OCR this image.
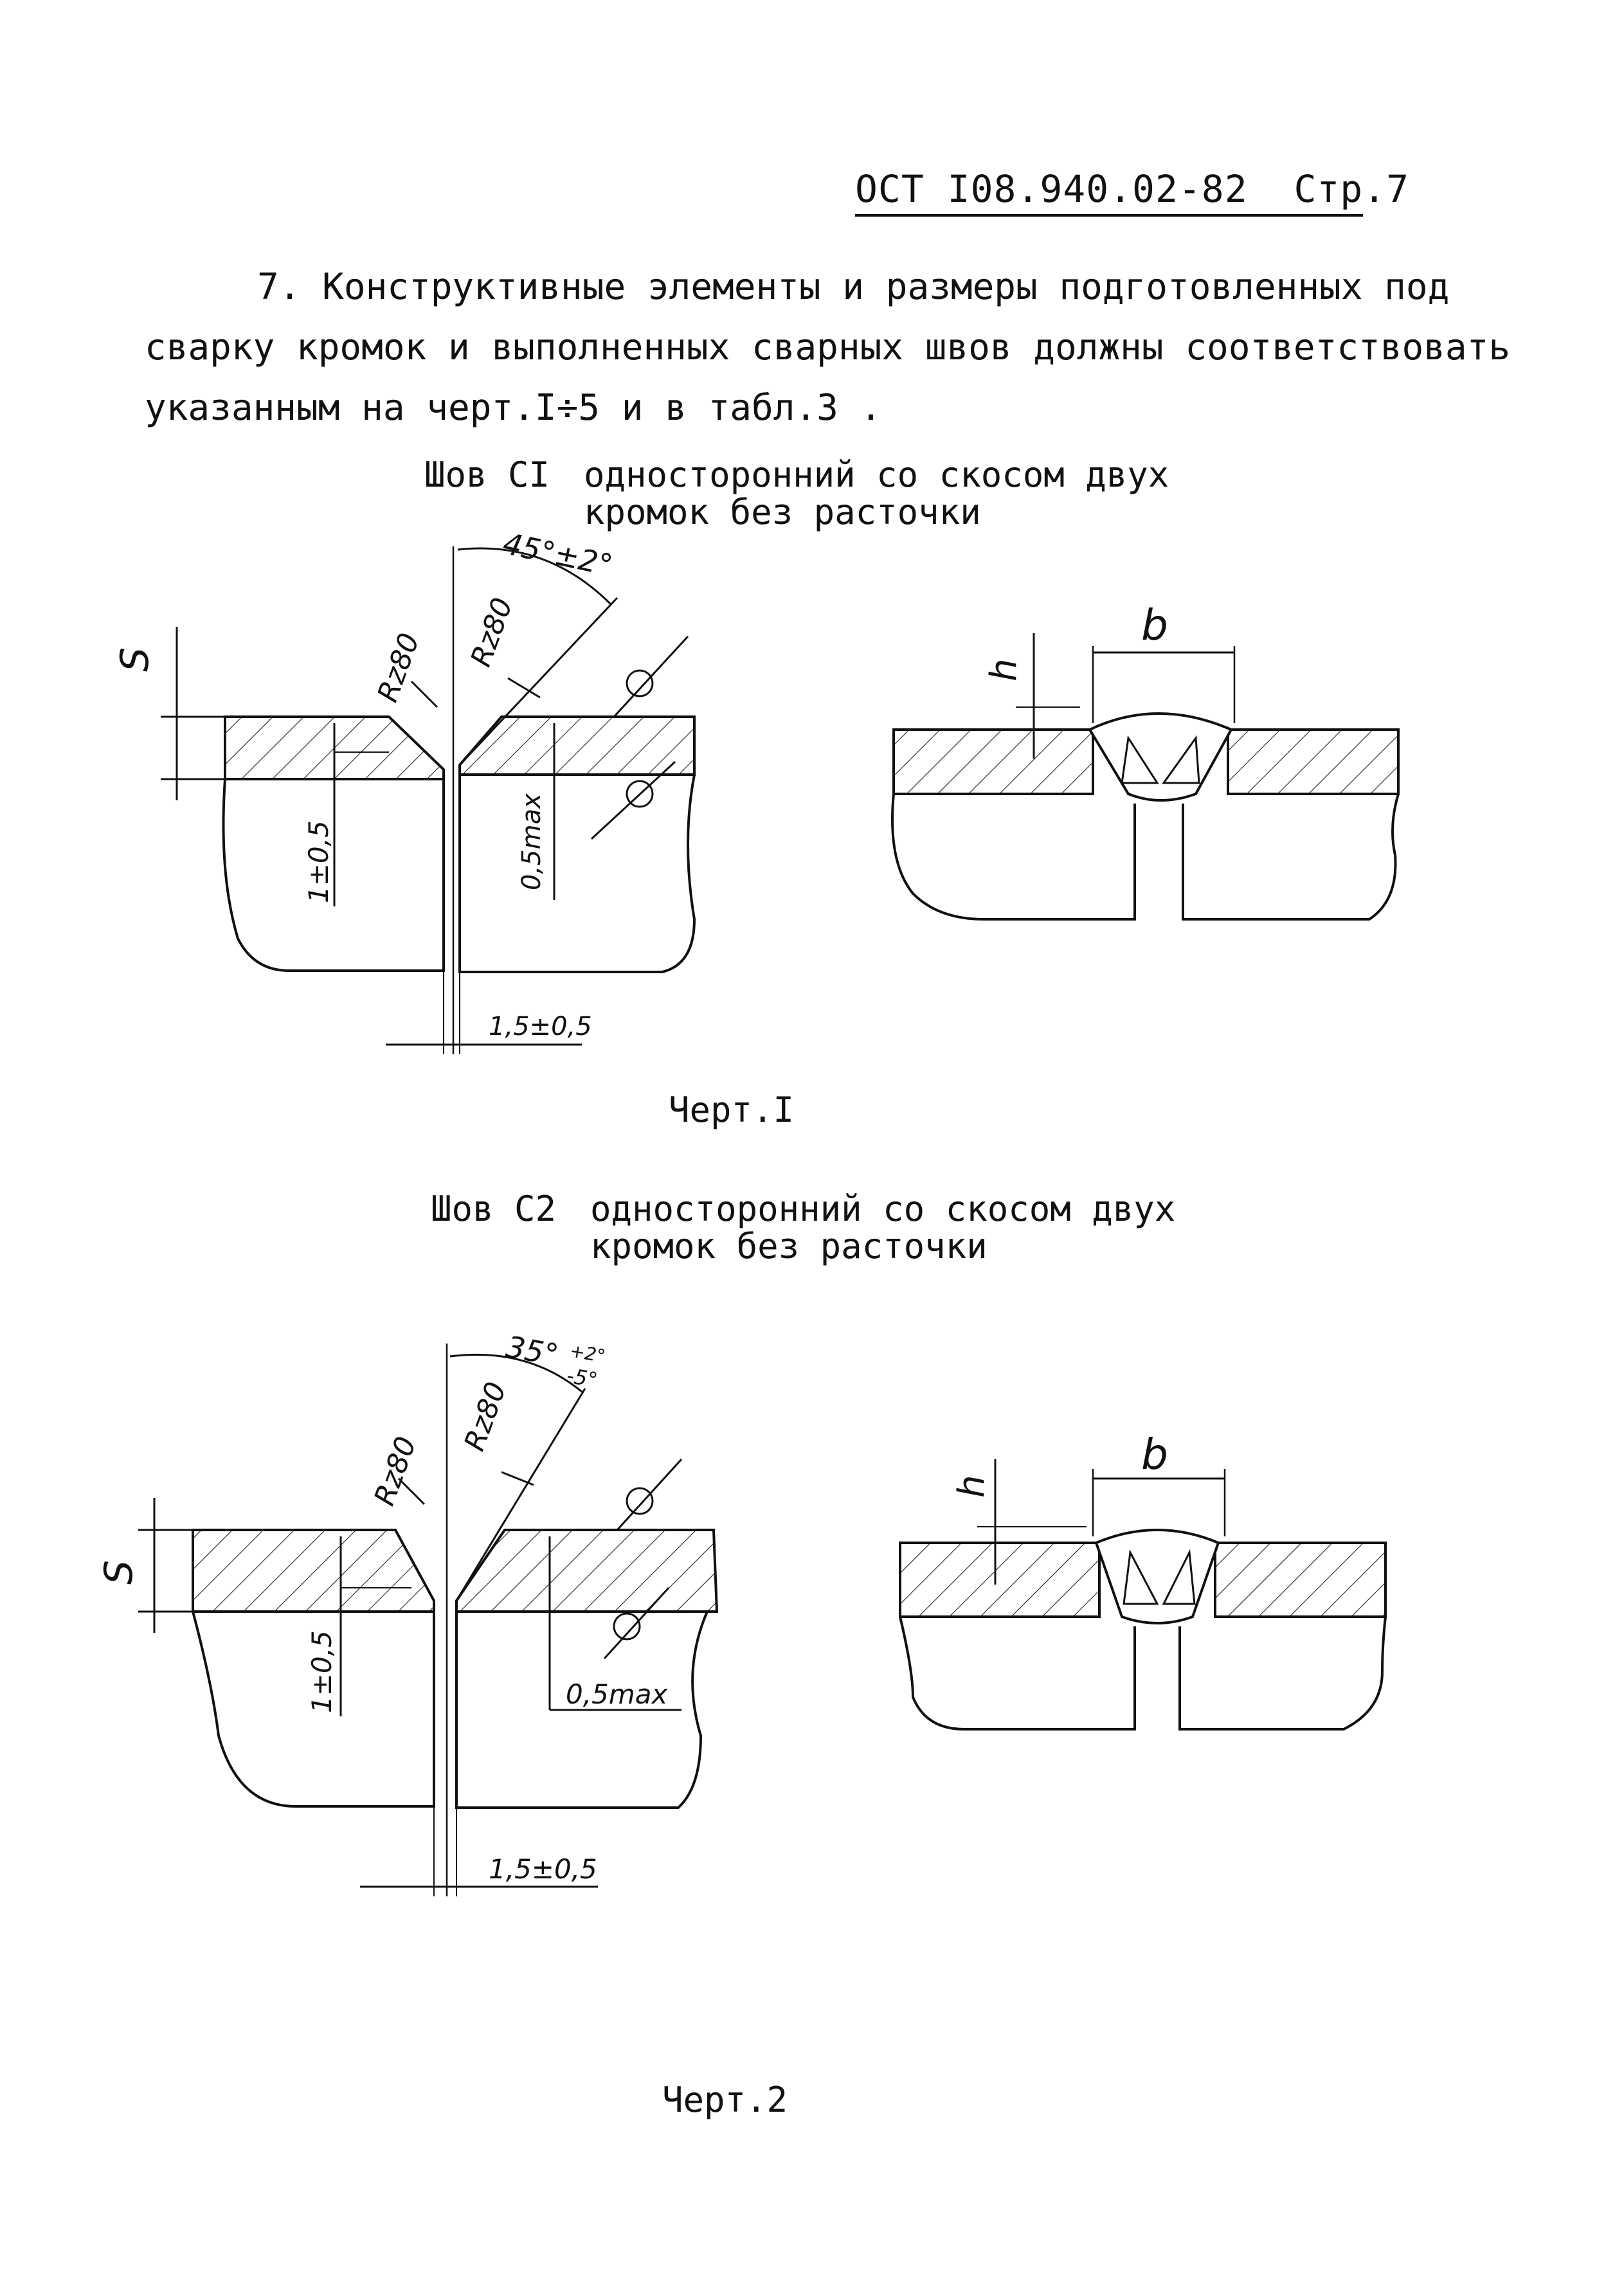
ОСТ I08.940.02-82 Стр.7
7. Конструктивные элементы и размеры подготовленных под
сварку кромок и выполненных сварных швов должны соответствовать
указанным на черт.I÷5 и в табл.3 .
Шов CI односторонний со скосом двух
кромок без расточки
Шов C2 односторонний со скосом двух
кромок без расточки
Черт.I
Черт.2
45°±2°
S	Rz80 Rz80
1±0,5	0,5max
1,5±0,5
b
h
35° +2°
-5°
S
Rz80
Rz80
1±0,5	0,5max
1,5±0,5
b
h
